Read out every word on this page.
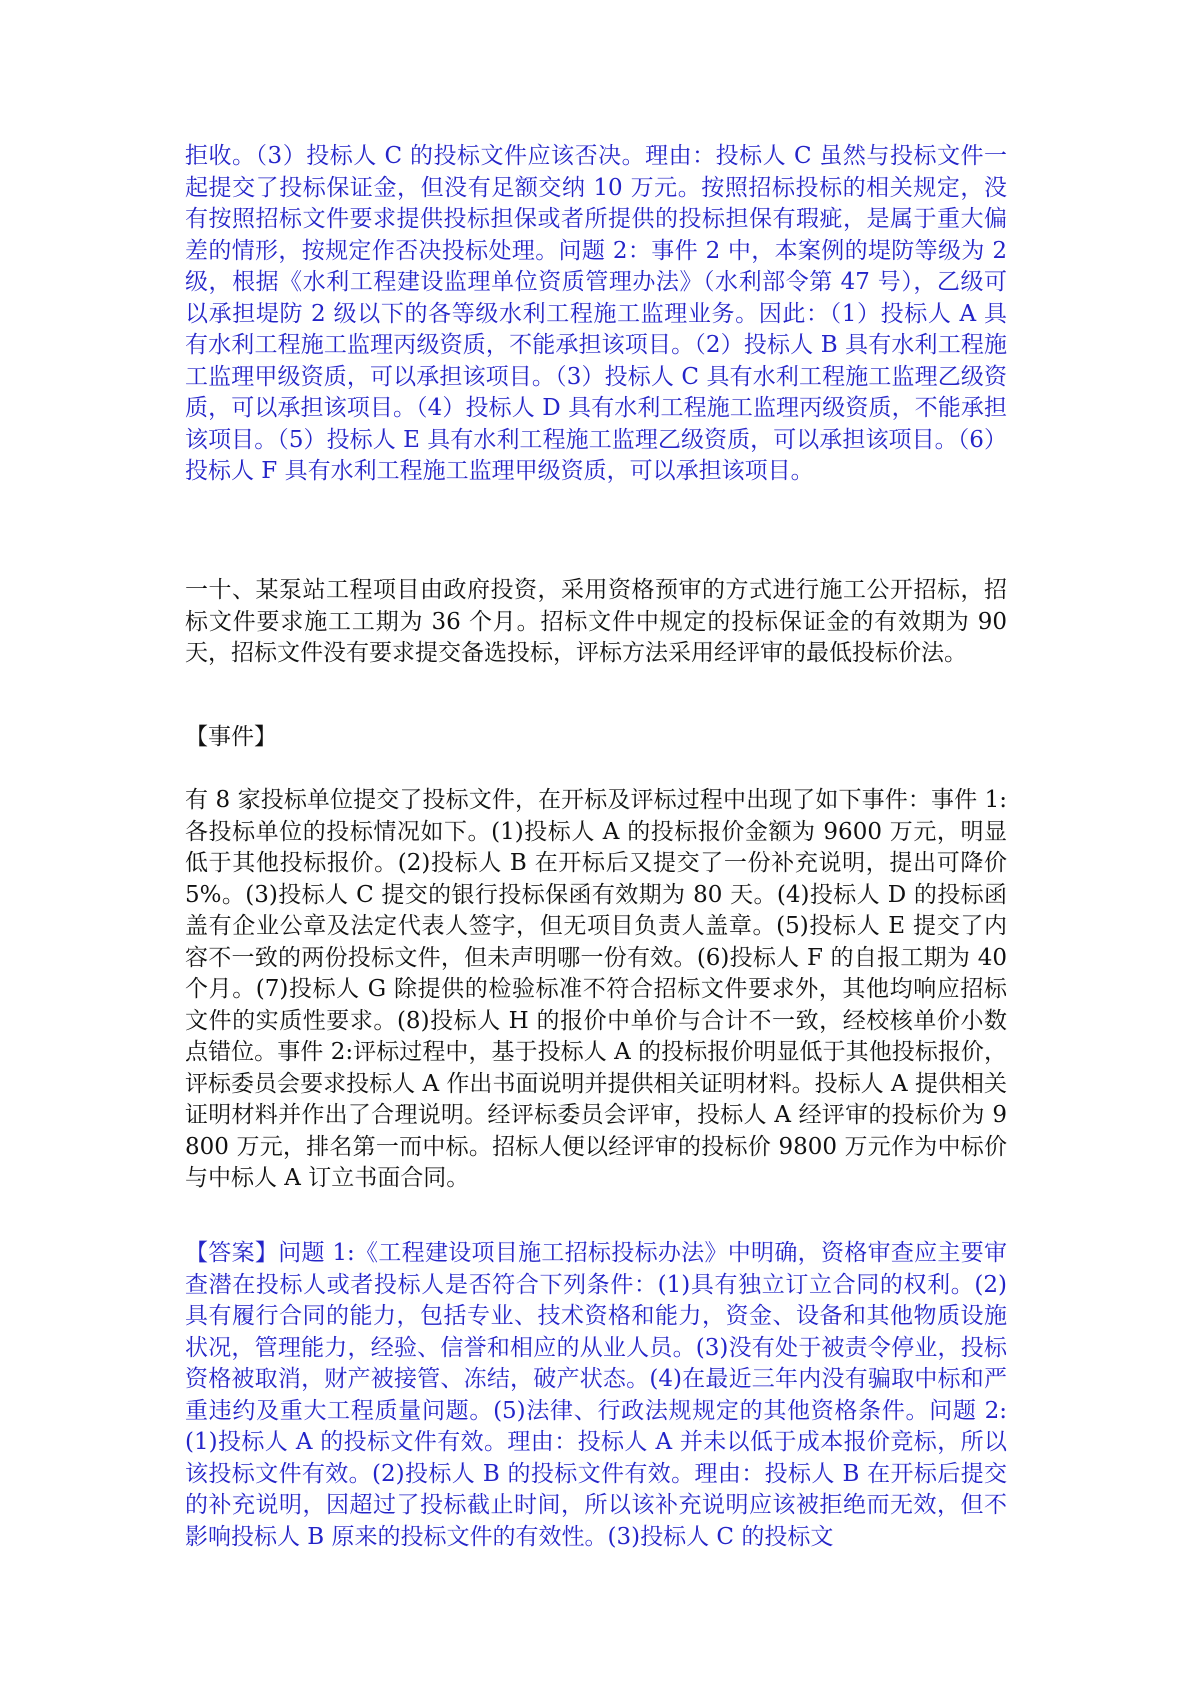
拒收。（3）投标人 C 的投标文件应该否决。理由：投标人 C 虽然与投标文件一起提交了投标保证金，但没有足额交纳 10 万元。按照招标投标的相关规定，没有按照招标文件要求提供投标担保或者所提供的投标担保有瑕疵，是属于重大偏差的情形，按规定作否决投标处理。问题 2：事件 2 中，本案例的堤防等级为 2 级，根据《水利工程建设监理单位资质管理办法》（水利部令第 47 号），乙级可以承担堤防 2 级以下的各等级水利工程施工监理业务。因此：（1）投标人 A 具有水利工程施工监理丙级资质，不能承担该项目。（2）投标人 B 具有水利工程施工监理甲级资质，可以承担该项目。（3）投标人 C 具有水利工程施工监理乙级资质，可以承担该项目。（4）投标人 D 具有水利工程施工监理丙级资质，不能承担该项目。（5）投标人 E 具有水利工程施工监理乙级资质，可以承担该项目。（6）投标人 F 具有水利工程施工监理甲级资质，可以承担该项目。

一十、某泵站工程项目由政府投资，采用资格预审的方式进行施工公开招标，招标文件要求施工工期为 36 个月。招标文件中规定的投标保证金的有效期为 90 天，招标文件没有要求提交备选投标，评标方法采用经评审的最低投标价法。

【事件】

有 8 家投标单位提交了投标文件，在开标及评标过程中出现了如下事件：事件 1:各投标单位的投标情况如下。(1)投标人 A 的投标报价金额为 9600 万元，明显低于其他投标报价。(2)投标人 B 在开标后又提交了一份补充说明，提出可降价 5%。(3)投标人 C 提交的银行投标保函有效期为 80 天。(4)投标人 D 的投标函盖有企业公章及法定代表人签字，但无项目负责人盖章。(5)投标人 E 提交了内容不一致的两份投标文件，但未声明哪一份有效。(6)投标人 F 的自报工期为 40 个月。(7)投标人 G 除提供的检验标准不符合招标文件要求外，其他均响应招标文件的实质性要求。(8)投标人 H 的报价中单价与合计不一致，经校核单价小数点错位。事件 2:评标过程中，基于投标人 A 的投标报价明显低于其他投标报价，评标委员会要求投标人 A 作出书面说明并提供相关证明材料。投标人 A 提供相关证明材料并作出了合理说明。经评标委员会评审，投标人 A 经评审的投标价为 9800 万元，排名第一而中标。招标人便以经评审的投标价 9800 万元作为中标价与中标人 A 订立书面合同。

【答案】问题 1:《工程建设项目施工招标投标办法》中明确，资格审查应主要审查潜在投标人或者投标人是否符合下列条件：(1)具有独立订立合同的权利。(2)具有履行合同的能力，包括专业、技术资格和能力，资金、设备和其他物质设施状况，管理能力，经验、信誉和相应的从业人员。(3)没有处于被责令停业，投标资格被取消，财产被接管、冻结，破产状态。(4)在最近三年内没有骗取中标和严重违约及重大工程质量问题。(5)法律、行政法规规定的其他资格条件。问题 2:(1)投标人 A 的投标文件有效。理由：投标人 A 并未以低于成本报价竞标，所以该投标文件有效。(2)投标人 B 的投标文件有效。理由：投标人 B 在开标后提交的补充说明，因超过了投标截止时间，所以该补充说明应该被拒绝而无效，但不影响投标人 B 原来的投标文件的有效性。(3)投标人 C 的投标文
